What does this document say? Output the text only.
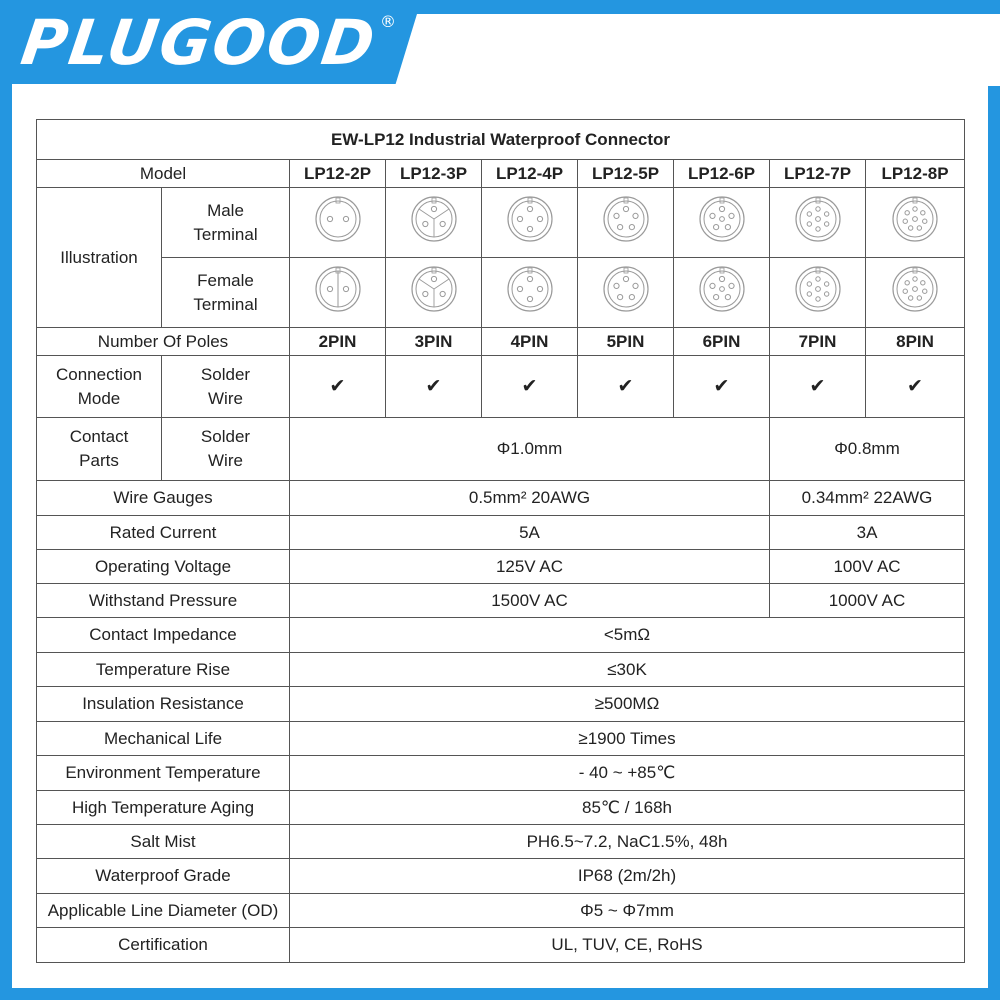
PLUGOOD ®
EW-LP12 Industrial Waterproof Connector								
Model		LP12-2P	LP12-3P	LP12-4P	LP12-5P	LP12-6P	LP12-7P	LP12-8P
Illustration	Male
Terminal							
	Female
Terminal							
Number Of Poles		2PIN	3PIN	4PIN	5PIN	6PIN	7PIN	8PIN
Connection
Mode	Solder
Wire	✔	✔	✔	✔	✔	✔	✔
Contact
Parts	Solder
Wire	Φ1.0mm					Φ0.8mm	
Wire Gauges		0.5mm² 20AWG					0.34mm² 22AWG	
Rated Current		5A					3A	
Operating Voltage		125V AC					100V AC	
Withstand Pressure		1500V AC					1000V AC	
Contact Impedance		<5mΩ						
Temperature Rise		≤30K						
Insulation Resistance		≥500MΩ						
Mechanical Life		≥1900 Times						
Environment Temperature		- 40 ~ +85℃						
High Temperature Aging		85℃ / 168h						
Salt Mist		PH6.5~7.2, NaC1.5%, 48h						
Waterproof Grade		IP68 (2m/2h)						
Applicable Line Diameter (OD)		Φ5 ~ Φ7mm						
Certification		UL, TUV, CE, RoHS						
